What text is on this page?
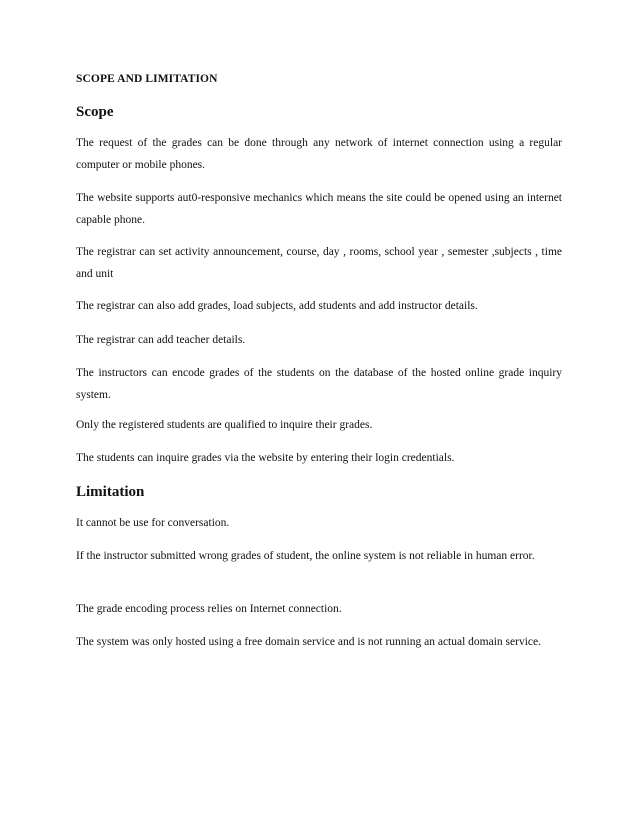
SCOPE AND LIMITATION
Scope

The request of the grades can be done through any network of internet connection using a regular computer or mobile phones.

The website supports aut0-responsive mechanics which means the site could be opened using an internet capable phone.

The registrar can set activity announcement, course, day , rooms, school year , semester ,subjects , time and unit

The registrar can also add grades, load subjects, add students and add instructor details.

The registrar can add teacher details.

The instructors can encode grades of the students on the database of the hosted online grade inquiry system.

Only the registered students are qualified to inquire their grades.

The students can inquire grades via the website by entering their login credentials.

Limitation

It cannot be use for conversation.

If the instructor submitted wrong grades of student, the online system is not reliable in human error.

The grade encoding process relies on Internet connection.

The system was only hosted using a free domain service and is not running an actual domain service.
